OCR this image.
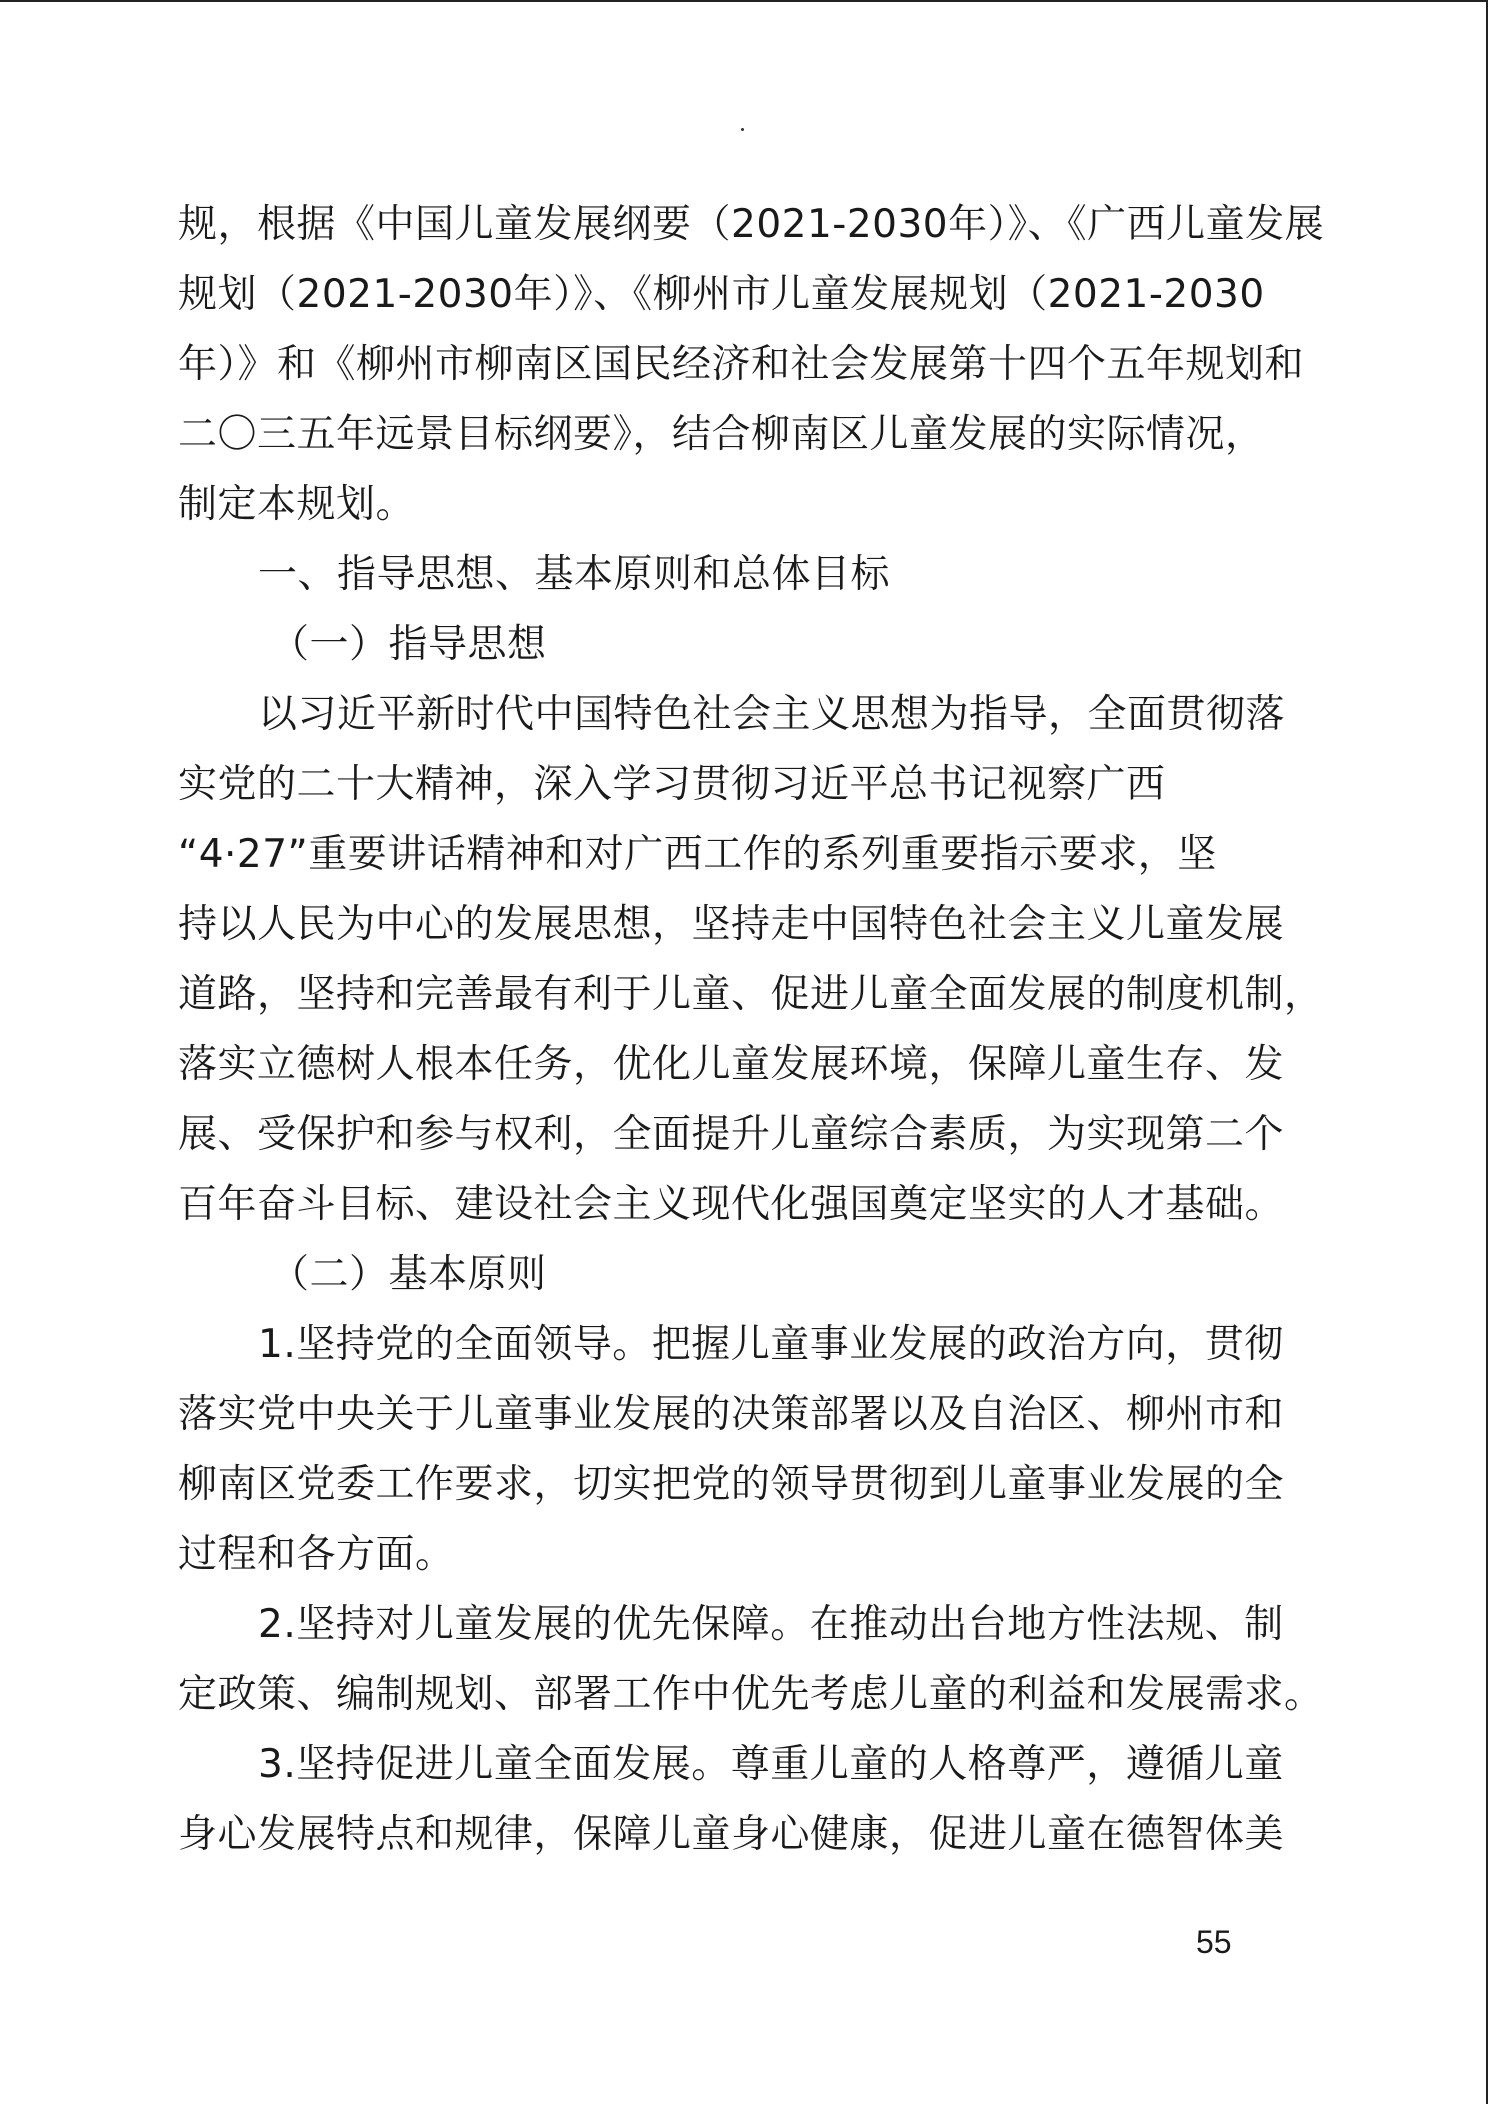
规，根据《中国儿童发展纲要（2021-2030年）》、《广西儿童发展
规划（2021-2030年）》、《柳州市儿童发展规划（2021-2030
年）》和《柳州市柳南区国民经济和社会发展第十四个五年规划和
二〇三五年远景目标纲要》，结合柳南区儿童发展的实际情况，
制定本规划。
一、指导思想、基本原则和总体目标
（一）指导思想
以习近平新时代中国特色社会主义思想为指导，全面贯彻落
实党的二十大精神，深入学习贯彻习近平总书记视察广西
“4·27”重要讲话精神和对广西工作的系列重要指示要求，坚
持以人民为中心的发展思想，坚持走中国特色社会主义儿童发展
道路，坚持和完善最有利于儿童、促进儿童全面发展的制度机制，
落实立德树人根本任务，优化儿童发展环境，保障儿童生存、发
展、受保护和参与权利，全面提升儿童综合素质，为实现第二个
百年奋斗目标、建设社会主义现代化强国奠定坚实的人才基础。
（二）基本原则
1.坚持党的全面领导。把握儿童事业发展的政治方向，贯彻
落实党中央关于儿童事业发展的决策部署以及自治区、柳州市和
柳南区党委工作要求，切实把党的领导贯彻到儿童事业发展的全
过程和各方面。
2.坚持对儿童发展的优先保障。在推动出台地方性法规、制
定政策、编制规划、部署工作中优先考虑儿童的利益和发展需求。
3.坚持促进儿童全面发展。尊重儿童的人格尊严，遵循儿童
身心发展特点和规律，保障儿童身心健康，促进儿童在德智体美
55
